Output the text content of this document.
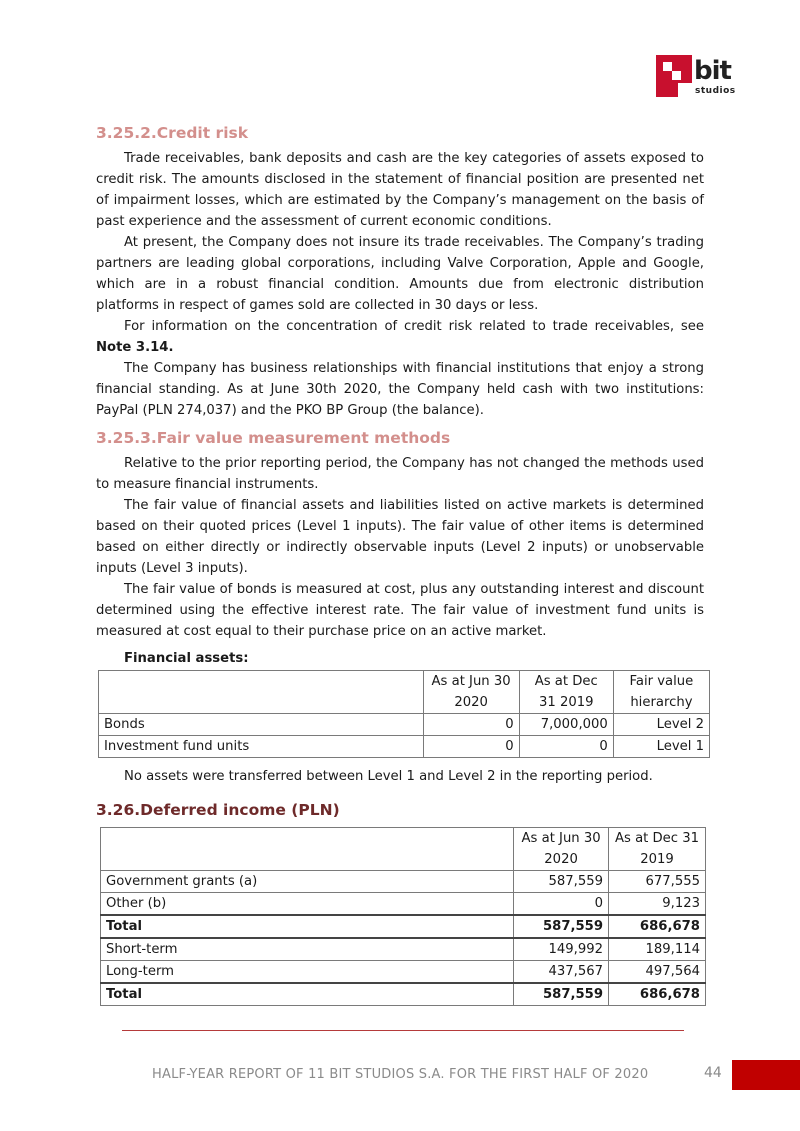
bit
studios
3.25.2.Credit risk

Trade receivables, bank deposits and cash are the key categories of assets exposed to credit risk. The amounts disclosed in the statement of financial position are presented net of impairment losses, which are estimated by the Company’s management on the basis of past experience and the assessment of current economic conditions.

At present, the Company does not insure its trade receivables. The Company’s trading partners are leading global corporations, including Valve Corporation, Apple and Google, which are in a robust financial condition. Amounts due from electronic distribution platforms in respect of games sold are collected in 30 days or less.

For information on the concentration of credit risk related to trade receivables, see Note 3.14.

The Company has business relationships with financial institutions that enjoy a strong financial standing. As at June 30th 2020, the Company held cash with two institutions: PayPal (PLN 274,037) and the PKO BP Group (the balance).

3.25.3.Fair value measurement methods

Relative to the prior reporting period, the Company has not changed the methods used to measure financial instruments.

The fair value of financial assets and liabilities listed on active markets is determined based on their quoted prices (Level 1 inputs). The fair value of other items is determined based on either directly or indirectly observable inputs (Level 2 inputs) or unobservable inputs (Level 3 inputs).

The fair value of bonds is measured at cost, plus any outstanding interest and discount determined using the effective interest rate. The fair value of investment fund units is measured at cost equal to their purchase price on an active market.

Financial assets:
	As at Jun 30 2020	As at Dec 31 2019	Fair value hierarchy
Bonds	0	7,000,000	Level 2
Investment fund units	0	0	Level 1

No assets were transferred between Level 1 and Level 2 in the reporting period.

3.26.Deferred income (PLN)
	As at Jun 30 2020	As at Dec 31 2019
Government grants (a)	587,559	677,555
Other (b)	0	9,123
Total	587,559	686,678
Short-term	149,992	189,114
Long-term	437,567	497,564
Total	587,559	686,678
HALF-YEAR REPORT OF 11 BIT STUDIOS S.A. FOR THE FIRST HALF OF 2020	44
